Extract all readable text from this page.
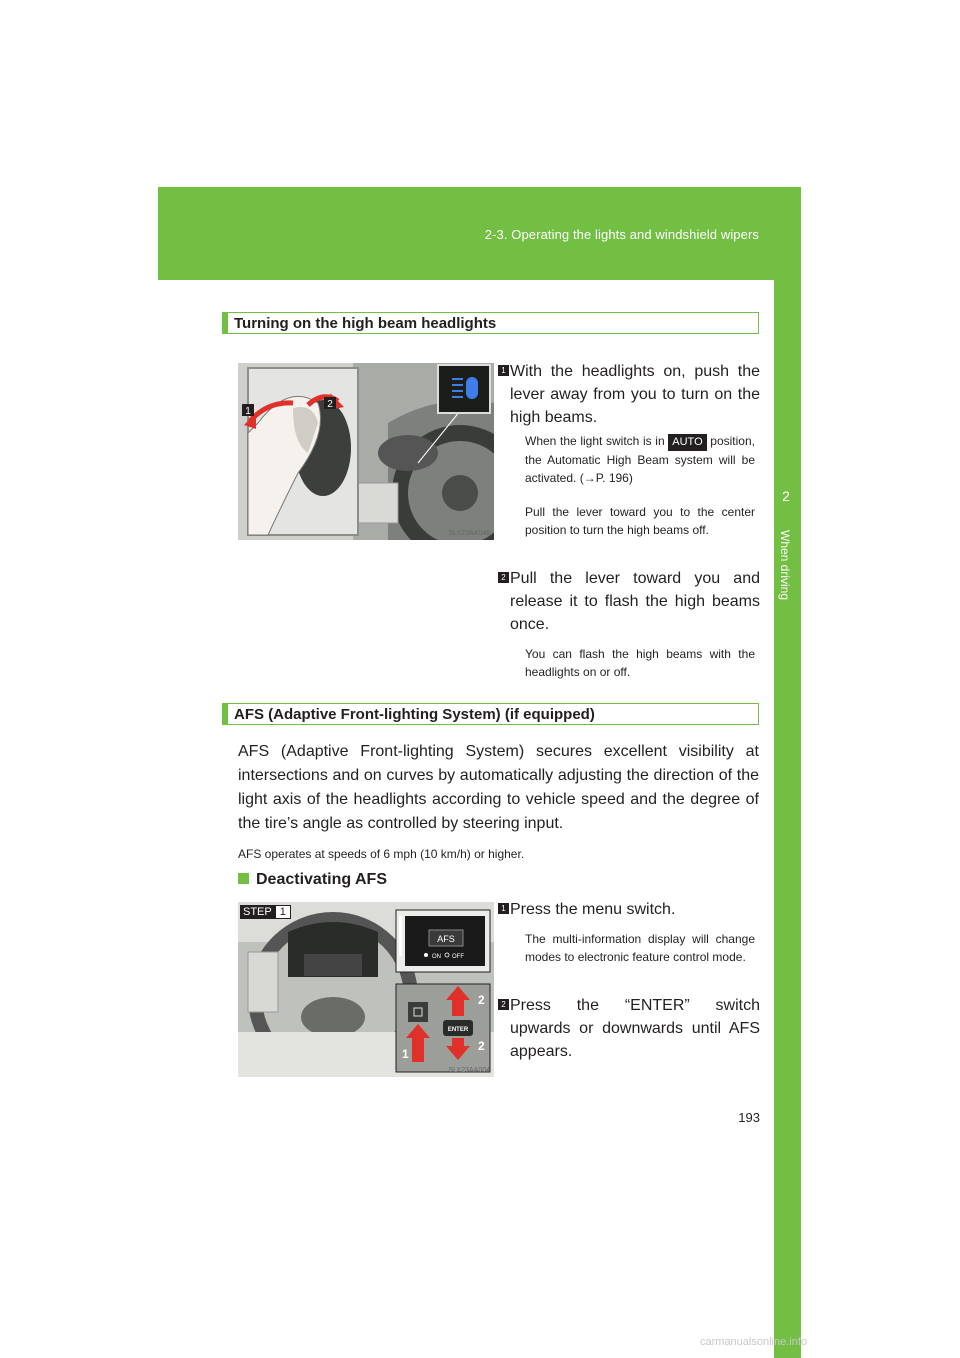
2-3. Operating the lights and windshield wipers
2
When driving
Turning on the high beam headlights
1
2
SLY23AA046
1 With the headlights on, push the lever away from you to turn on the high beams.

When the light switch is in AUTO position, the Automatic High Beam system will be activated. (→P. 196)
Pull the lever toward you to the center position to turn the high beams off.
2 Pull the lever toward you and release it to flash the high beams once.

You can flash the high beams with the headlights on or off.
AFS (Adaptive Front-lighting System) (if equipped)
AFS (Adaptive Front-lighting System) secures excellent visibility at intersections and on curves by automatically adjusting the direction of the light axis of the headlights according to vehicle speed and the degree of the tire’s angle as controlled by steering input.
AFS operates at speeds of 6 mph (10 km/h) or higher.
Deactivating AFS
AFS
ON OFF
ENTER
2
1
2
SLY23AA004
STEP 1	1 Press the menu switch.

The multi-information display will change modes to electronic feature control mode.
2 Press the “ENTER” switch upwards or downwards until AFS appears.

193
carmanualsonline.info
